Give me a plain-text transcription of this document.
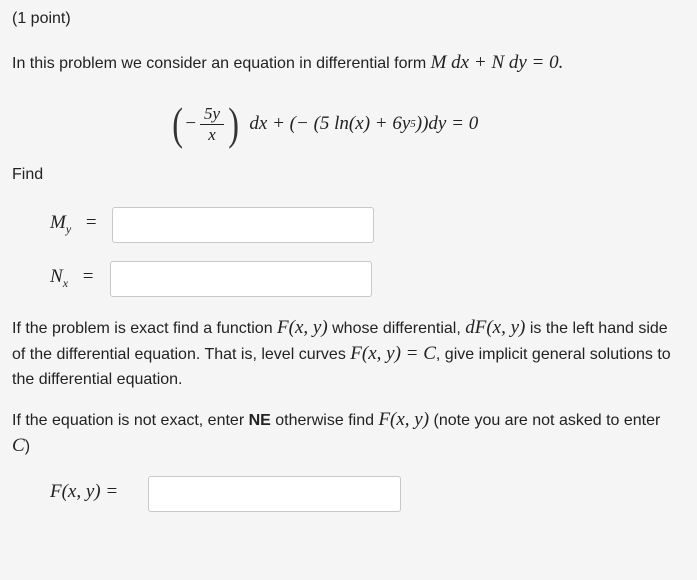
(1 point)
In this problem we consider an equation in differential form M dx + N dy = 0.
( − $\frac{5y}{x}$ ) dx + (− (5 ln(x) + 6y 5 ))dy = 0
Find
$M_y$ =
$N_x$ =
If the problem is exact find a function F(x, y) whose differential, dF(x, y) is the left hand side of the differential equation. That is, level curves F(x, y) = C, give implicit general solutions to the differential equation.
If the equation is not exact, enter NE otherwise find F(x, y) (note you are not asked to enter C)
F(x, y) =
